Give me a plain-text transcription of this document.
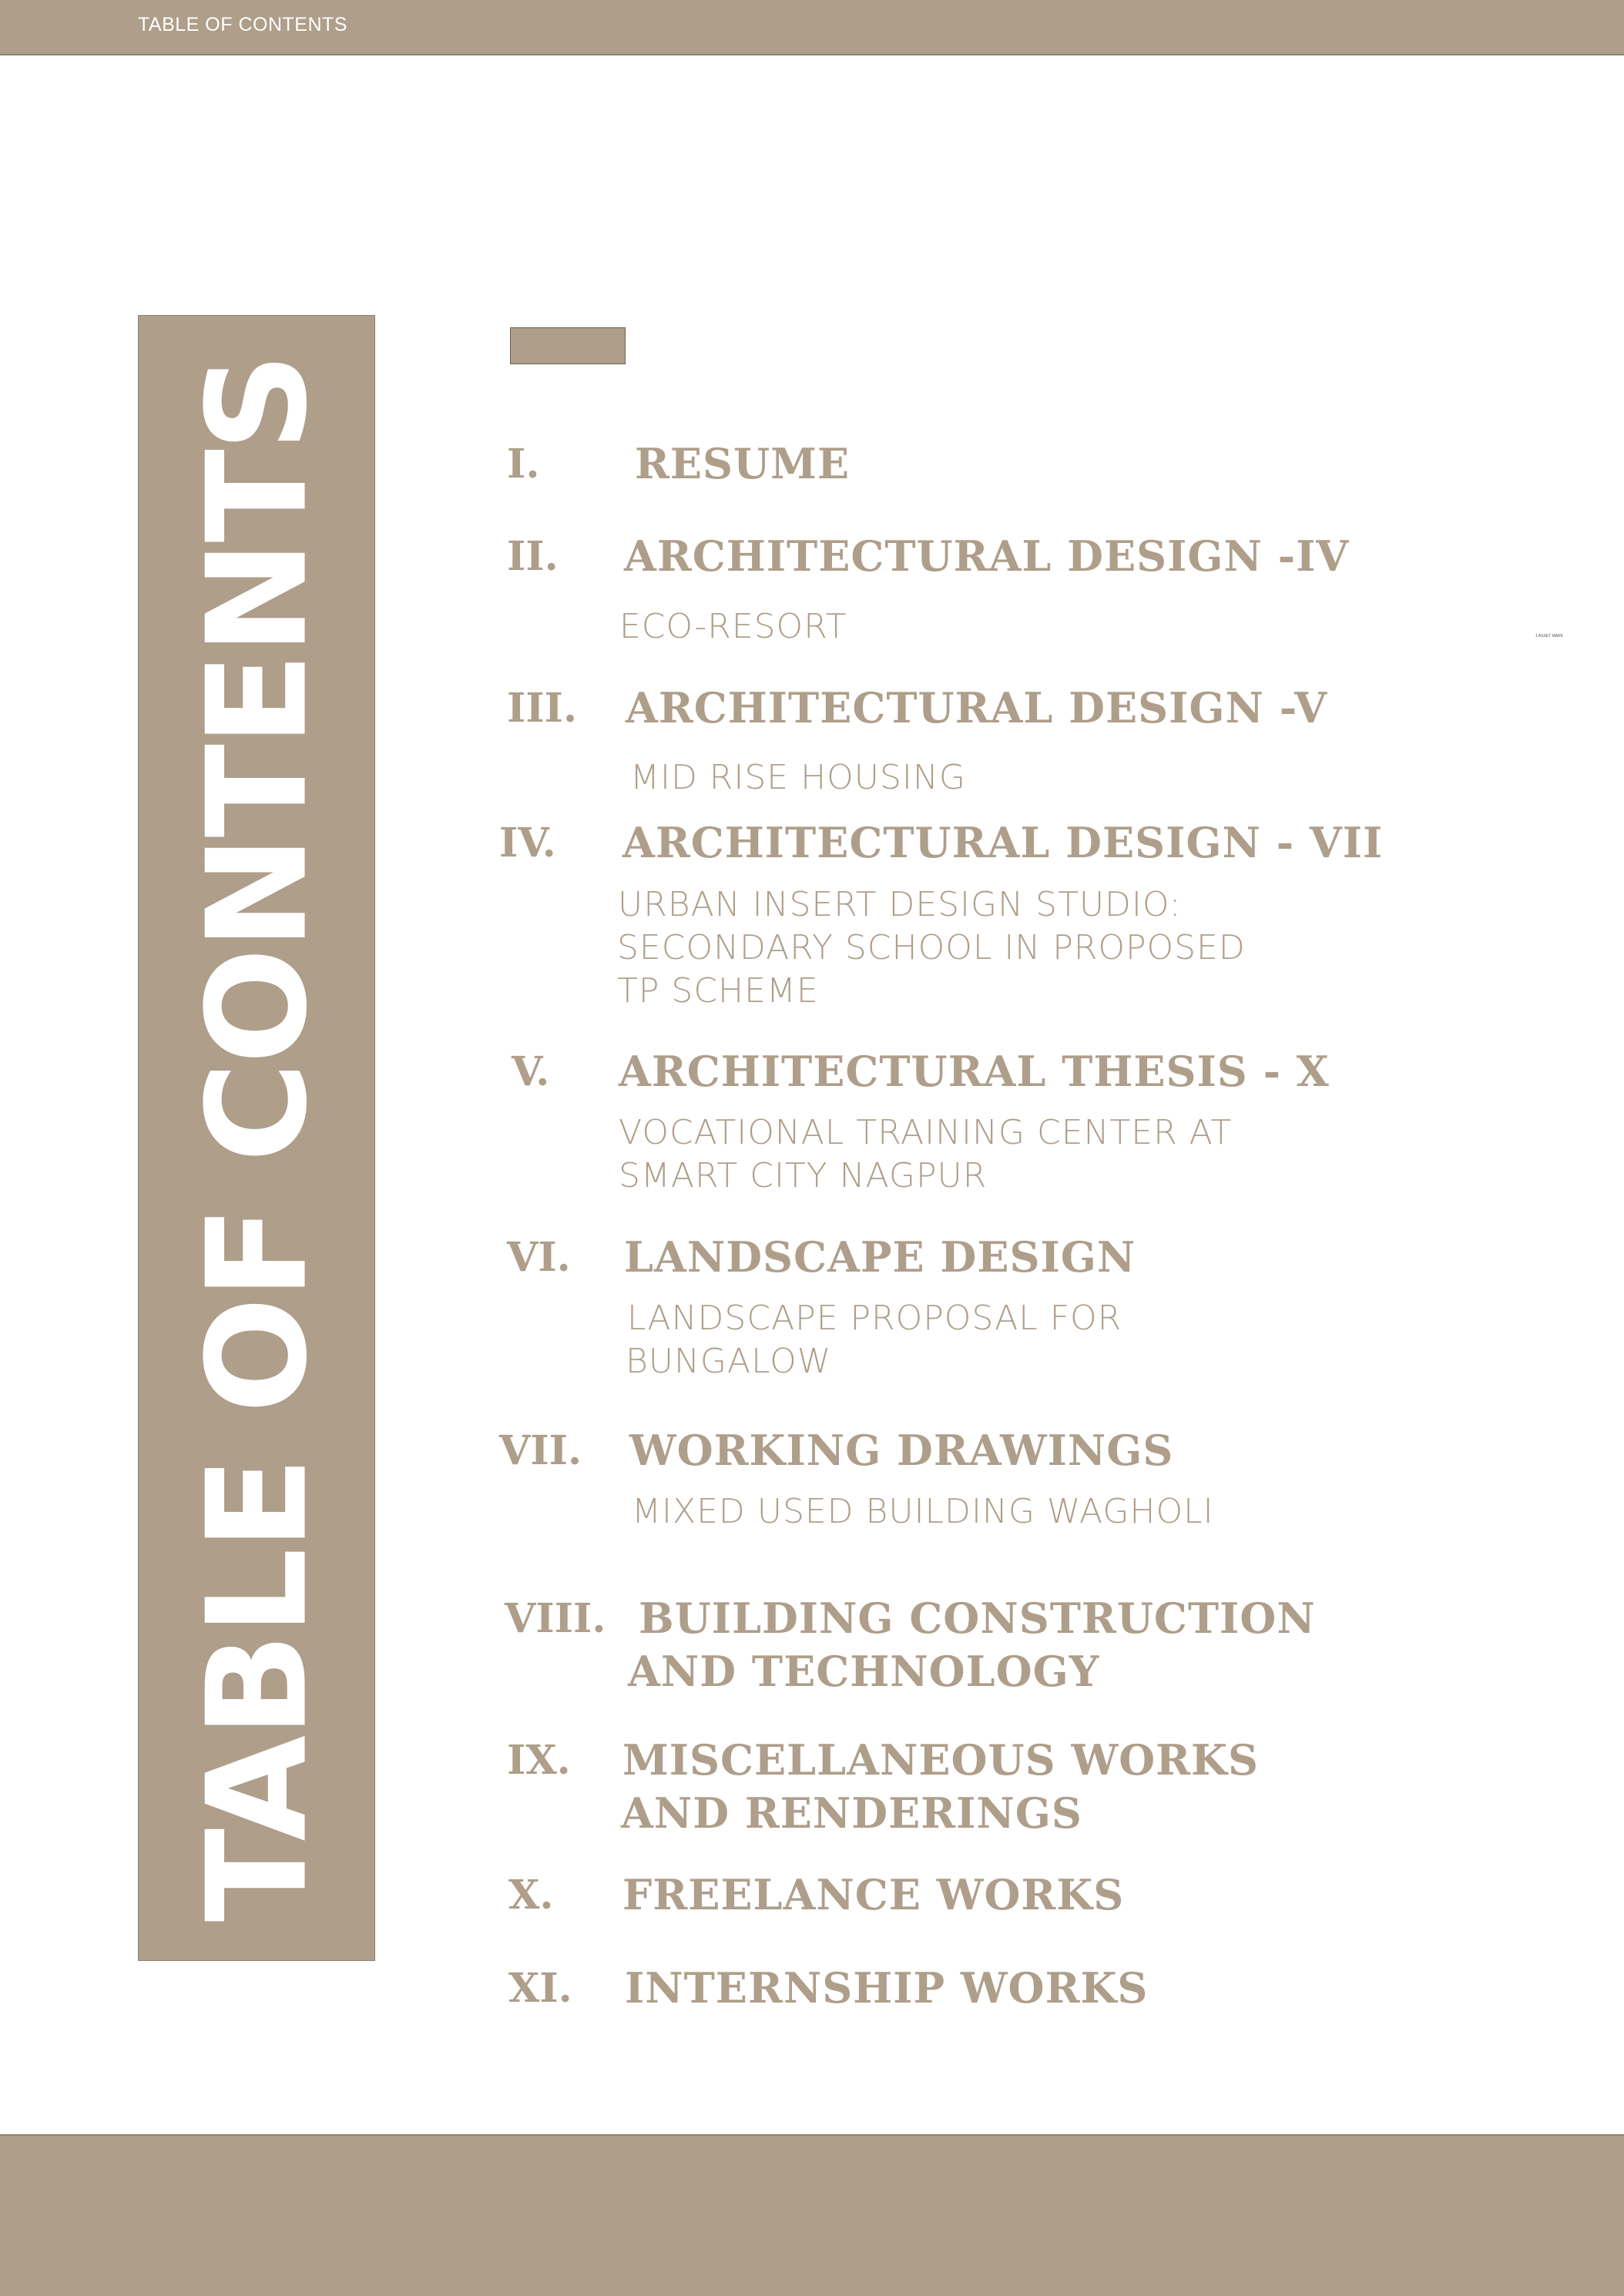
TABLE OF CONTENTS
TABLE OF CONTENTS	I. RESUME
II. ARCHITECTURAL DESIGN -IV
ECO-RESORT
III. ARCHITECTURAL DESIGN -V
MID RISE HOUSING
IV. ARCHITECTURAL DESIGN - VII
URBAN INSERT DESIGN STUDIO:
SECONDARY SCHOOL IN PROPOSED
TP SCHEME
V. ARCHITECTURAL THESIS - X
VOCATIONAL TRAINING CENTER AT
SMART CITY NAGPUR
VI. LANDSCAPE DESIGN
LANDSCAPE PROPOSAL FOR
BUNGALOW
VII. WORKING DRAWINGS
MIXED USED BUILDING WAGHOLI
VIII. BUILDING CONSTRUCTION
AND TECHNOLOGY
IX. MISCELLANEOUS WORKS
AND RENDERINGS
X. FREELANCE WORKS
XI. INTERNSHIP WORKS
1 ASSET MARK
